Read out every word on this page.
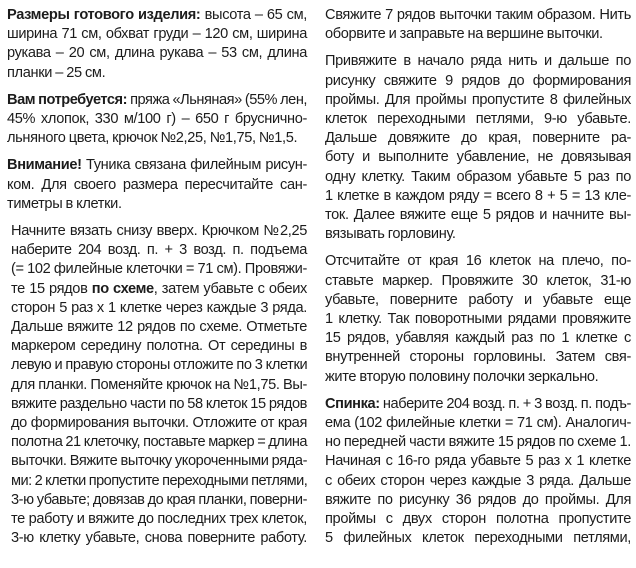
Размеры готового изделия: высота – 65 см,
ширина 71 см, обхват груди – 120 см, ширина
рукава – 20 см, длина рукава – 53 см, длина
планки – 25 см.
Вам потребуется: пряжа «Льняная» (55% лен,
45% хлопок, 330 м/100 г) – 650 г бруснично-
льняного цвета, крючок №2,25, №1,75, №1,5.
Внимание! Туника связана филейным рисун-
ком. Для своего размера пересчитайте сан-
тиметры в клетки.
Начните вязать снизу вверх. Крючком №2,25
наберите 204 возд. п. + 3 возд. п. подъема
(= 102 филейные клеточки = 71 см). Провяжи-
те 15 рядов по схеме, затем убавьте с обеих
сторон 5 раз х 1 клетке через каждые 3 ряда.
Дальше вяжите 12 рядов по схеме. Отметьте
маркером середину полотна. От середины в
левую и правую стороны отложите по 3 клетки
для планки. Поменяйте крючок на №1,75. Вы-
вяжите раздельно части по 58 клеток 15 рядов
до формирования выточки. Отложите от края
полотна 21 клеточку, поставьте маркер = длина
выточки. Вяжите выточку укороченными ряда-
ми: 2 клетки пропустите переходными петлями,
3-ю убавьте; довязав до края планки, поверни-
те работу и вяжите до последних трех клеток,
3-ю клетку убавьте, снова поверните работу.
Свяжите 7 рядов выточки таким образом. Нить
оборвите и заправьте на вершине выточки.
Привяжите в начало ряда нить и дальше по
рисунку свяжите 9 рядов до формирования
проймы. Для проймы пропустите 8 филейных
клеток переходными петлями, 9-ю убавьте.
Дальше довяжите до края, поверните ра-
боту и выполните убавление, не довязывая
одну клетку. Таким образом убавьте 5 раз по
1 клетке в каждом ряду = всего 8 + 5 = 13 кле-
ток. Далее вяжите еще 5 рядов и начните вы-
вязывать горловину.
Отсчитайте от края 16 клеток на плечо, по-
ставьте маркер. Провяжите 30 клеток, 31-ю
убавьте, поверните работу и убавьте еще
1 клетку. Так поворотными рядами провяжите
15 рядов, убавляя каждый раз по 1 клетке с
внутренней стороны горловины. Затем свя-
жите вторую половину полочки зеркально.
Спинка: наберите 204 возд. п. + 3 возд. п. подъ-
ема (102 филейные клетки = 71 см). Аналогич-
но передней части вяжите 15 рядов по схеме 1.
Начиная с 16-го ряда убавьте 5 раз х 1 клетке
с обеих сторон через каждые 3 ряда. Дальше
вяжите по рисунку 36 рядов до проймы. Для
проймы с двух сторон полотна пропустите
5 филейных клеток переходными петлями,
